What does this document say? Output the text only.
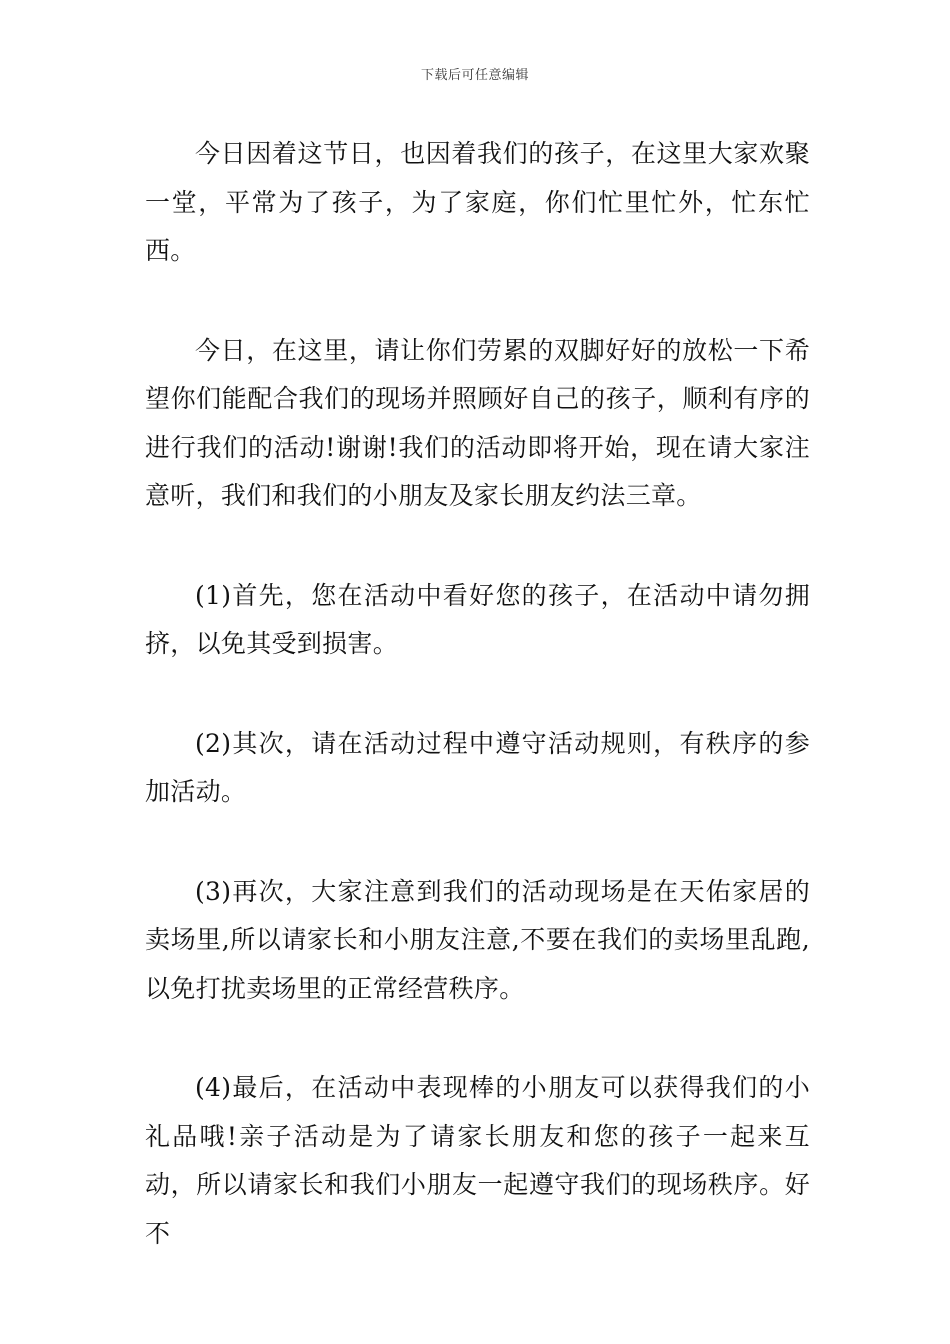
下载后可任意编辑

今日因着这节日，也因着我们的孩子，在这里大家欢聚一堂，平常为了孩子，为了家庭，你们忙里忙外，忙东忙西。

今日，在这里，请让你们劳累的双脚好好的放松一下希望你们能配合我们的现场并照顾好自己的孩子，顺利有序的进行我们的活动!谢谢!我们的活动即将开始，现在请大家注意听，我们和我们的小朋友及家长朋友约法三章。

(1)首先，您在活动中看好您的孩子，在活动中请勿拥挤，以免其受到损害。

(2)其次，请在活动过程中遵守活动规则，有秩序的参加活动。

(3)再次，大家注意到我们的活动现场是在天佑家居的卖场里,所以请家长和小朋友注意,不要在我们的卖场里乱跑,以免打扰卖场里的正常经营秩序。

(4)最后，在活动中表现棒的小朋友可以获得我们的小礼品哦!亲子活动是为了请家长朋友和您的孩子一起来互动，所以请家长和我们小朋友一起遵守我们的现场秩序。好不
